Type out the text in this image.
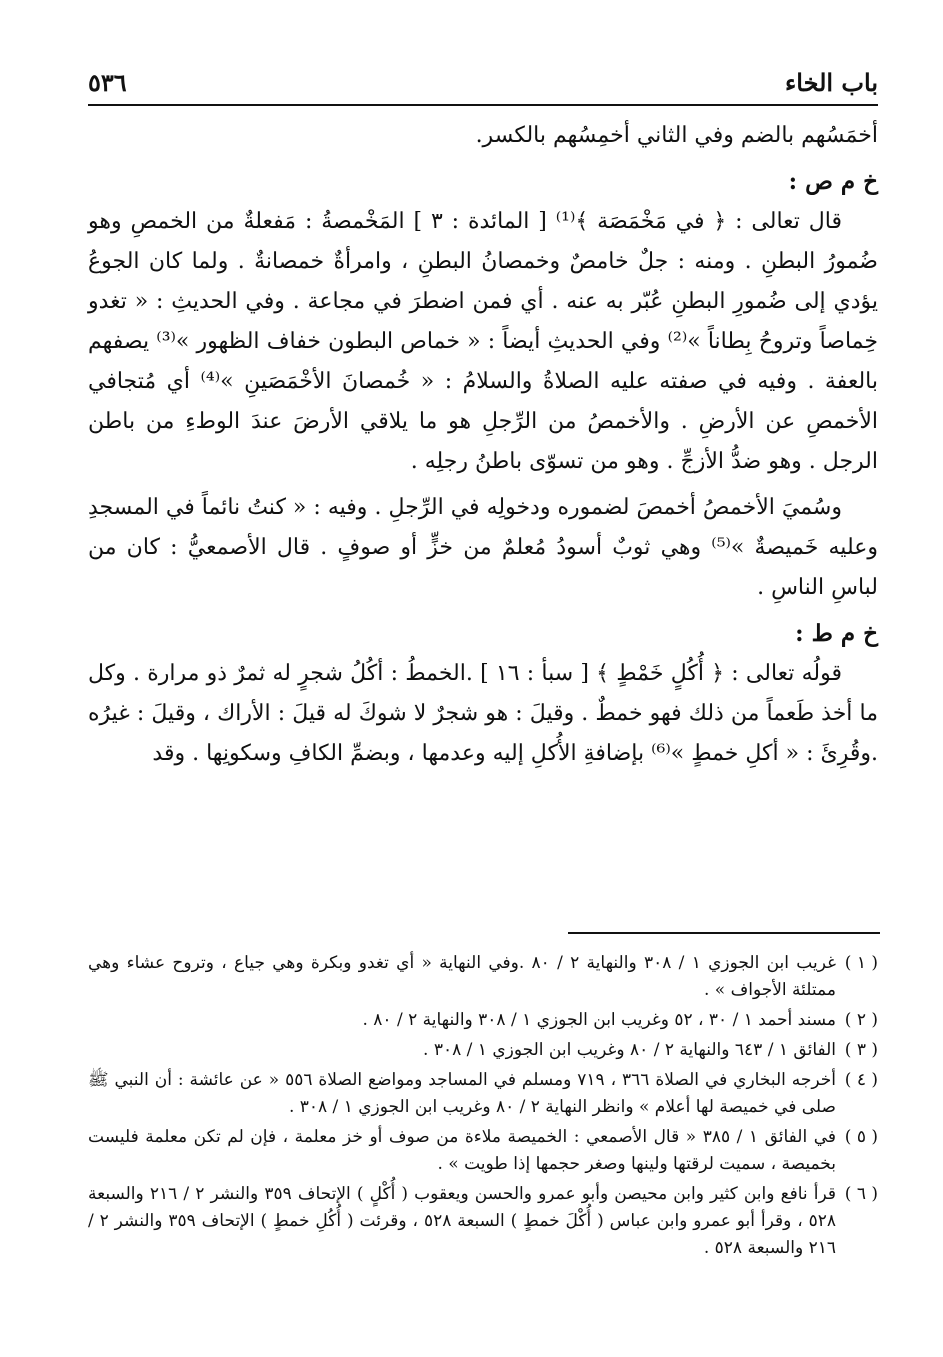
باب الخاء
٥٣٦

أخمَسُهم بالضم وفي الثاني أخمِسُهم بالكسر.

خ م ص :

قال تعالى : ﴿ في مَخْمَصَة ﴾⁽¹⁾ [ المائدة : ٣ ] المَخْمصةُ : مَفعلةٌ من الخمصِ وهو ضُمورُ البطنِ . ومنه : جلٌ خامصٌ وخمصانُ البطنِ ، وامرأةٌ خمصانةٌ . ولما كان الجوعُ يؤدي إلى ضُمورِ البطنِ عُبّر به عنه . أي فمن اضطرَ في مجاعة . وفي الحديثِ : « تغدو خِماصاً وتروحُ بِطاناً »⁽²⁾ وفي الحديثِ أيضاً : « خماص البطون خفاف الظهور »⁽³⁾ يصفهم بالعفة . وفيه في صفته عليه الصلاةُ والسلامُ : « خُمصانَ الأخْمَصَينِ »⁽⁴⁾ أي مُتجافي الأخمصِ عن الأرضِ . والأخمصُ من الرِّجلِ هو ما يلاقي الأرضَ عندَ الوطءِ من باطن الرجل . وهو ضدُّ الأزجِّ . وهو من تسوّى باطنُ رجلِه .

وسُميَ الأخمصُ أخمصَ لضموره ودخولِه في الرِّجلِ . وفيه : « كنتُ نائماً في المسجدِ وعليه خَميصةٌ »⁽⁵⁾ وهي ثوبٌ أسودُ مُعلمٌ من خزٍّ أو صوفٍ . قال الأصمعيُّ : كان من لباسِ الناسِ .

خ م ط :

قولُه تعالى : ﴿ أُكُلٍ خَمْطٍ ﴾ [ سبأ : ١٦ ] .الخمطُ : أكُلُ شجرٍ له ثمرٌ ذو مرارة . وكل ما أخذ طَعماً من ذلك فهو خمطٌ . وقيلَ : هو شجرٌ لا شوكَ له قيلَ : الأراك ، وقيلَ : غيرُه .وقُرِئَ : « أكلِ خمطٍ »⁽⁶⁾ بإضافةِ الأُكلِ إليه وعدمها ، وبضمِّ الكافِ وسكونِها . وقد

( ١ )
غريب ابن الجوزي ١ / ٣٠٨ والنهاية ٢ / ٨٠ .وفي النهاية « أي تغدو وبكرة وهي جياع ، وتروح عشاء وهي ممتلئة الأجواف » .
( ٢ )
مسند أحمد ١ / ٣٠ ، ٥٢ وغريب ابن الجوزي ١ / ٣٠٨ والنهاية ٢ / ٨٠ .
( ٣ )
الفائق ١ / ٦٤٣ والنهاية ٢ / ٨٠ وغريب ابن الجوزي ١ / ٣٠٨ .
( ٤ )
أخرجه البخاري في الصلاة ٣٦٦ ، ٧١٩ ومسلم في المساجد ومواضع الصلاة ٥٥٦ « عن عائشة : أن النبي ﷺ صلى في خميصة لها أعلام » وانظر النهاية ٢ / ٨٠ وغريب ابن الجوزي ١ / ٣٠٨ .
( ٥ )
في الفائق ١ / ٣٨٥ « قال الأصمعي : الخميصة ملاءة من صوف أو خز معلمة ، فإن لم تكن معلمة فليست بخميصة ، سميت لرقتها ولينها وصغر حجمها إذا طويت » .
( ٦ )
قرأ نافع وابن كثير وابن محيصن وأبو عمرو والحسن ويعقوب ( أُكْلٍ ) الإتحاف ٣٥٩ والنشر ٢ / ٢١٦ والسبعة ٥٢٨ ، وقرأ أبو عمرو وابن عباس ( أُكْلَ خمطٍ ) السبعة ٥٢٨ ، وقرئت ( أُكُلِ خمطٍ ) الإتحاف ٣٥٩ والنشر ٢ / ٢١٦ والسبعة ٥٢٨ .
